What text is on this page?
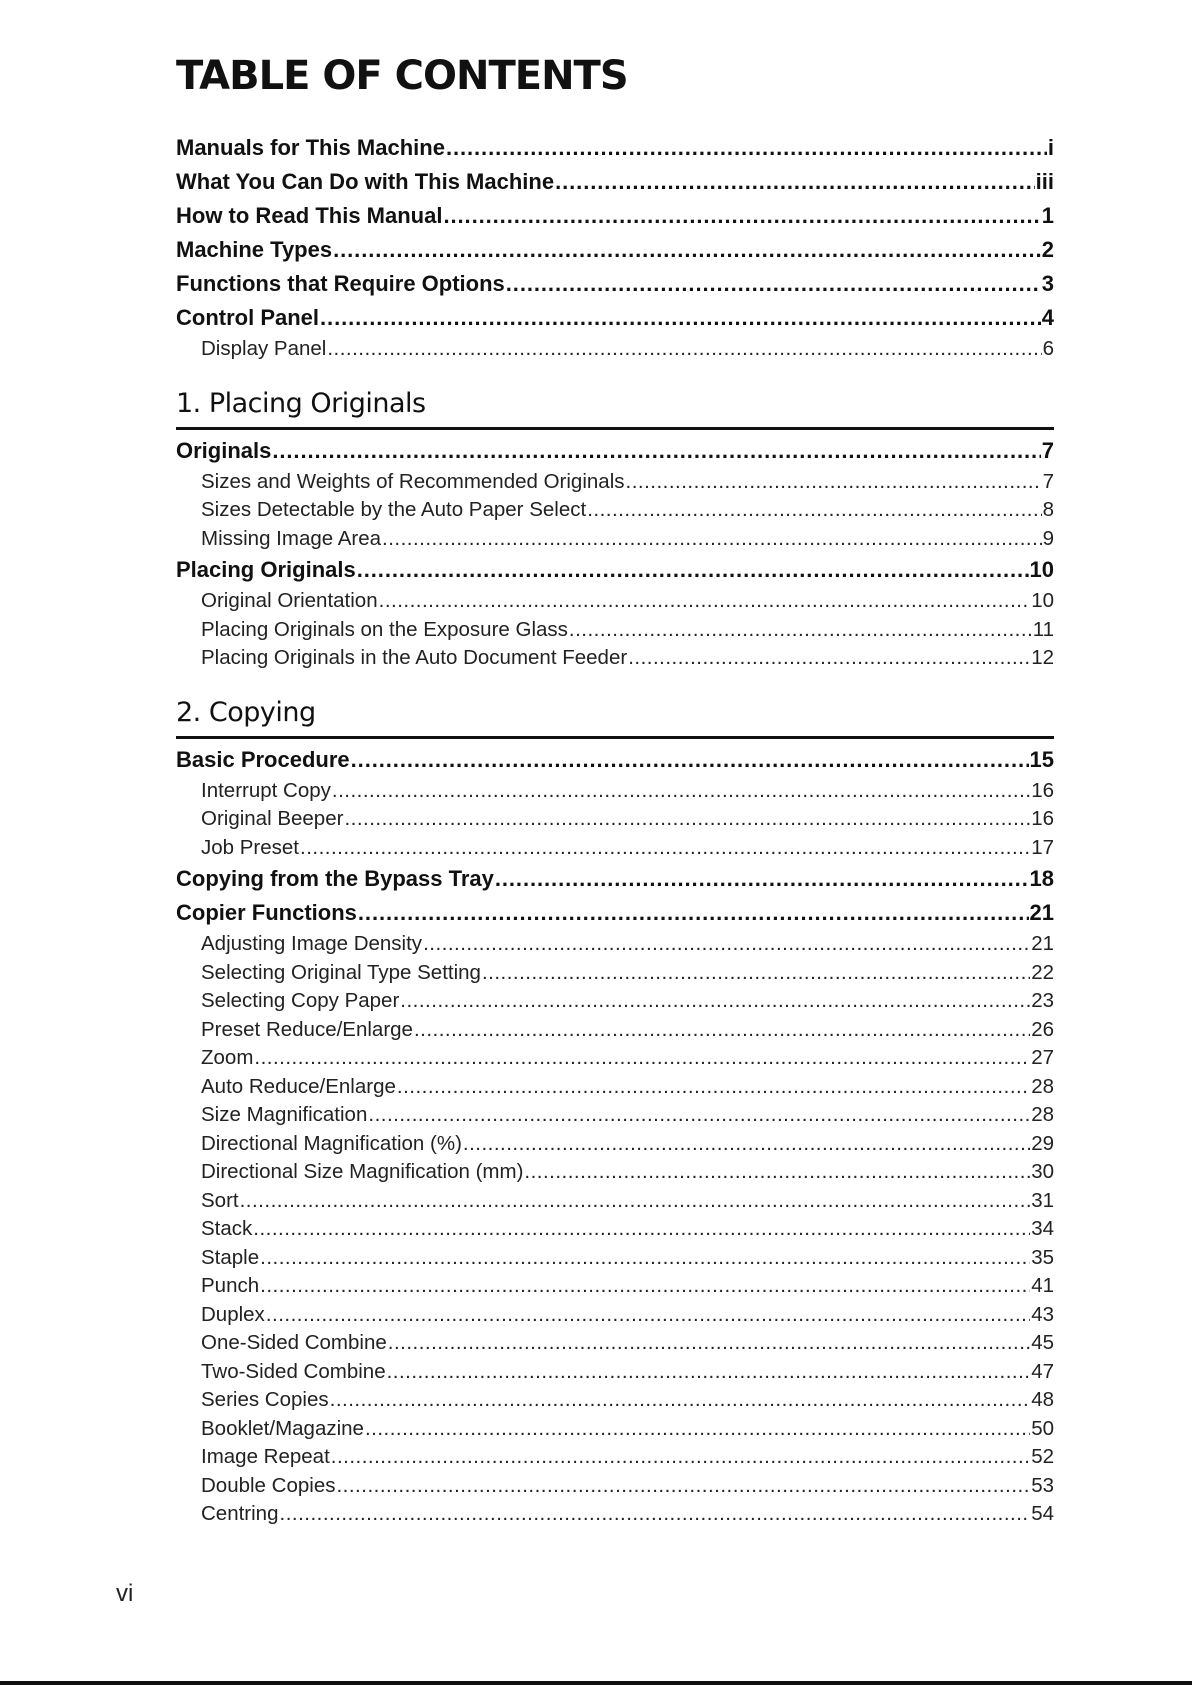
TABLE OF CONTENTS
Manuals for This Machine . . .	i
What You Can Do with This Machine . . .	iii
How to Read This Manual . . .	1
Machine Types . . .	2
Functions that Require Options . . .	3
Control Panel . . .	4
Display Panel . . .	6
1. Placing Originals
Originals . . .	7
Sizes and Weights of Recommended Originals . . .	7
Sizes Detectable by the Auto Paper Select . . .	8
Missing Image Area . . .	9
Placing Originals . . .	10
Original Orientation . . .	10
Placing Originals on the Exposure Glass . . .	11
Placing Originals in the Auto Document Feeder . . .	12
2. Copying
Basic Procedure . . .	15
Interrupt Copy . . .	16
Original Beeper . . .	16
Job Preset . . .	17
Copying from the Bypass Tray . . .	18
Copier Functions . . .	21
Adjusting Image Density . . .	21
Selecting Original Type Setting . . .	22
Selecting Copy Paper . . .	23
Preset Reduce/Enlarge . . .	26
Zoom . . .	27
Auto Reduce/Enlarge . . .	28
Size Magnification . . .	28
Directional Magnification (%) . . .	29
Directional Size Magnification (mm) . . .	30
Sort . . .	31
Stack . . .	34
Staple . . .	35
Punch . . .	41
Duplex . . .	43
One-Sided Combine . . .	45
Two-Sided Combine . . .	47
Series Copies . . .	48
Booklet/Magazine . . .	50
Image Repeat . . .	52
Double Copies . . .	53
Centring . . .	54
vi
